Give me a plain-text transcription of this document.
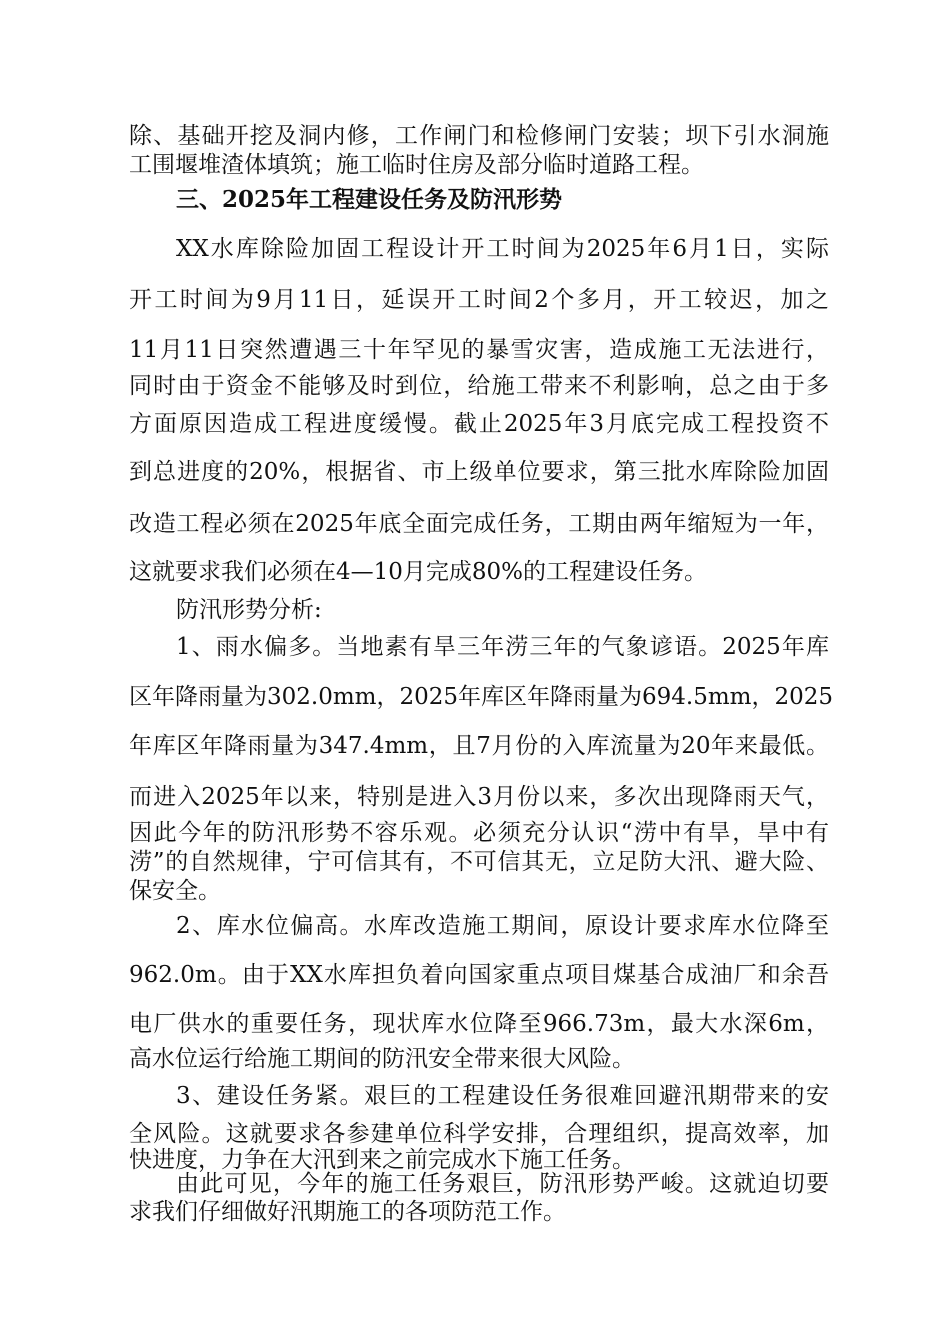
除、基础开挖及洞内修，工作闸门和检修闸门安装；坝下引水洞施
工围堰堆渣体填筑；施工临时住房及部分临时道路工程。
三、2025年工程建设任务及防汛形势
XX水库除险加固工程设计开工时间为2025年6月1日，实际
开工时间为9月11日，延误开工时间2个多月，开工较迟，加之
11月11日突然遭遇三十年罕见的暴雪灾害，造成施工无法进行，
同时由于资金不能够及时到位，给施工带来不利影响，总之由于多
方面原因造成工程进度缓慢。截止2025年3月底完成工程投资不
到总进度的20%，根据省、市上级单位要求，第三批水库除险加固
改造工程必须在2025年底全面完成任务，工期由两年缩短为一年，
这就要求我们必须在4—10月完成80%的工程建设任务。
防汛形势分析:
1、雨水偏多。当地素有旱三年涝三年的气象谚语。2025年库
区年降雨量为302.0mm，2025年库区年降雨量为694.5mm，2025
年库区年降雨量为347.4mm，且7月份的入库流量为20年来最低。
而进入2025年以来，特别是进入3月份以来，多次出现降雨天气，
因此今年的防汛形势不容乐观。必须充分认识“涝中有旱，旱中有
涝”的自然规律，宁可信其有，不可信其无，立足防大汛、避大险、
保安全。
2、库水位偏高。水库改造施工期间，原设计要求库水位降至
962.0m。由于XX水库担负着向国家重点项目煤基合成油厂和余吾
电厂供水的重要任务，现状库水位降至966.73m，最大水深6m，
高水位运行给施工期间的防汛安全带来很大风险。
3、建设任务紧。艰巨的工程建设任务很难回避汛期带来的安
全风险。这就要求各参建单位科学安排，合理组织，提高效率，加
快进度，力争在大汛到来之前完成水下施工任务。
由此可见，今年的施工任务艰巨，防汛形势严峻。这就迫切要
求我们仔细做好汛期施工的各项防范工作。
